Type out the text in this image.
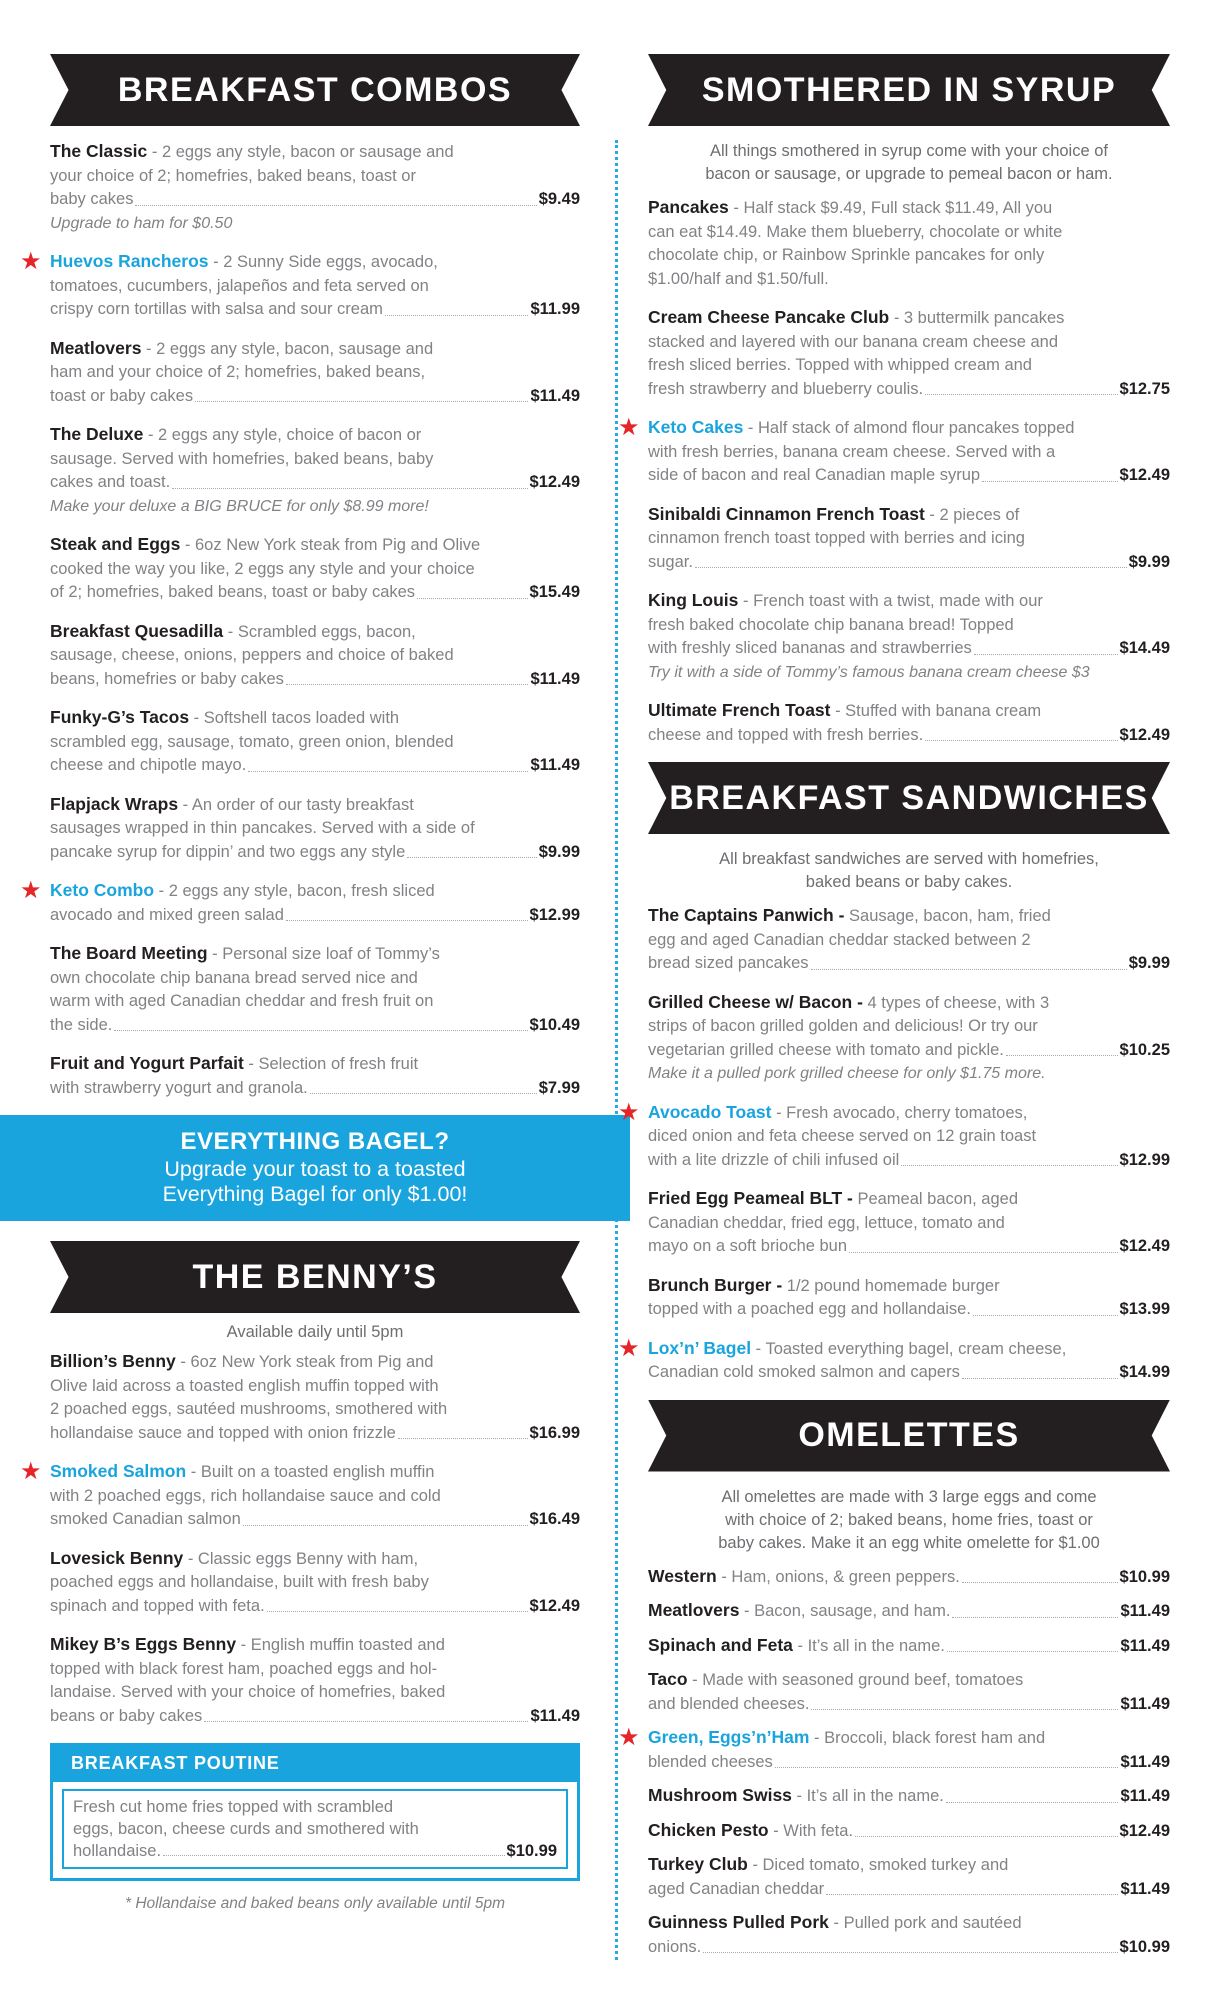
BREAKFAST COMBOS
The Classic - 2 eggs any style, bacon or sausage and
your choice of 2; homefries, baked beans, toast or
baby cakes	$9.49
Upgrade to ham for $0.50
★ Huevos Rancheros - 2 Sunny Side eggs, avocado,
tomatoes, cucumbers, jalapeños and feta served on
crispy corn tortillas with salsa and sour cream	$11.99
Meatlovers - 2 eggs any style, bacon, sausage and
ham and your choice of 2; homefries, baked beans,
toast or baby cakes	$11.49
The Deluxe - 2 eggs any style, choice of bacon or
sausage. Served with homefries, baked beans, baby
cakes and toast.	$12.49
Make your deluxe a BIG BRUCE for only $8.99 more!
Steak and Eggs - 6oz New York steak from Pig and Olive
cooked the way you like, 2 eggs any style and your choice
of 2; homefries, baked beans, toast or baby cakes	$15.49
Breakfast Quesadilla - Scrambled eggs, bacon,
sausage, cheese, onions, peppers and choice of baked
beans, homefries or baby cakes	$11.49
Funky-G’s Tacos - Softshell tacos loaded with
scrambled egg, sausage, tomato, green onion, blended
cheese and chipotle mayo.	$11.49
Flapjack Wraps - An order of our tasty breakfast
sausages wrapped in thin pancakes. Served with a side of
pancake syrup for dippin’ and two eggs any style	$9.99
★ Keto Combo - 2 eggs any style, bacon, fresh sliced
avocado and mixed green salad	$12.99
The Board Meeting - Personal size loaf of Tommy’s
own chocolate chip banana bread served nice and
warm with aged Canadian cheddar and fresh fruit on
the side.	$10.49
Fruit and Yogurt Parfait - Selection of fresh fruit
with strawberry yogurt and granola.	$7.99
EVERYTHING BAGEL?
Upgrade your toast to a toasted
Everything Bagel for only $1.00!
THE BENNY’S
Available daily until 5pm
Billion’s Benny - 6oz New York steak from Pig and
Olive laid across a toasted english muffin topped with
2 poached eggs, sautéed mushrooms, smothered with
hollandaise sauce and topped with onion frizzle	$16.99
★ Smoked Salmon - Built on a toasted english muffin
with 2 poached eggs, rich hollandaise sauce and cold
smoked Canadian salmon	$16.49
Lovesick Benny - Classic eggs Benny with ham,
poached eggs and hollandaise, built with fresh baby
spinach and topped with feta.	$12.49
Mikey B’s Eggs Benny - English muffin toasted and
topped with black forest ham, poached eggs and hol-
landaise. Served with your choice of homefries, baked
beans or baby cakes	$11.49
BREAKFAST POUTINE
Fresh cut home fries topped with scrambled
eggs, bacon, cheese curds and smothered with
hollandaise.	$10.99
* Hollandaise and baked beans only available until 5pm
SMOTHERED IN SYRUP
All things smothered in syrup come with your choice of
bacon or sausage, or upgrade to pemeal bacon or ham.
Pancakes - Half stack $9.49, Full stack $11.49, All you
can eat $14.49. Make them blueberry, chocolate or white
chocolate chip, or Rainbow Sprinkle pancakes for only
$1.00/half and $1.50/full.
Cream Cheese Pancake Club - 3 buttermilk pancakes
stacked and layered with our banana cream cheese and
fresh sliced berries. Topped with whipped cream and
fresh strawberry and blueberry coulis.	$12.75
★ Keto Cakes - Half stack of almond flour pancakes topped
with fresh berries, banana cream cheese. Served with a
side of bacon and real Canadian maple syrup	$12.49
Sinibaldi Cinnamon French Toast - 2 pieces of
cinnamon french toast topped with berries and icing
sugar.	$9.99
King Louis - French toast with a twist, made with our
fresh baked chocolate chip banana bread! Topped
with freshly sliced bananas and strawberries	$14.49
Try it with a side of Tommy’s famous banana cream cheese $3
Ultimate French Toast - Stuffed with banana cream
cheese and topped with fresh berries.	$12.49
BREAKFAST SANDWICHES
All breakfast sandwiches are served with homefries,
baked beans or baby cakes.
The Captains Panwich - Sausage, bacon, ham, fried
egg and aged Canadian cheddar stacked between 2
bread sized pancakes	$9.99
Grilled Cheese w/ Bacon - 4 types of cheese, with 3
strips of bacon grilled golden and delicious! Or try our
vegetarian grilled cheese with tomato and pickle.	$10.25
Make it a pulled pork grilled cheese for only $1.75 more.
★ Avocado Toast - Fresh avocado, cherry tomatoes,
diced onion and feta cheese served on 12 grain toast
with a lite drizzle of chili infused oil	$12.99
Fried Egg Peameal BLT - Peameal bacon, aged
Canadian cheddar, fried egg, lettuce, tomato and
mayo on a soft brioche bun	$12.49
Brunch Burger - 1/2 pound homemade burger
topped with a poached egg and hollandaise.	$13.99
★ Lox’n’ Bagel - Toasted everything bagel, cream cheese,
Canadian cold smoked salmon and capers	$14.99
OMELETTES
All omelettes are made with 3 large eggs and come
with choice of 2; baked beans, home fries, toast or
baby cakes. Make it an egg white omelette for $1.00
Western - Ham, onions, & green peppers.	$10.99
Meatlovers - Bacon, sausage, and ham.	$11.49
Spinach and Feta - It’s all in the name.	$11.49
Taco - Made with seasoned ground beef, tomatoes
and blended cheeses.	$11.49
★ Green, Eggs’n’Ham - Broccoli, black forest ham and
blended cheeses	$11.49
Mushroom Swiss - It’s all in the name.	$11.49
Chicken Pesto - With feta.	$12.49
Turkey Club - Diced tomato, smoked turkey and
aged Canadian cheddar	$11.49
Guinness Pulled Pork - Pulled pork and sautéed
onions.	$10.99
